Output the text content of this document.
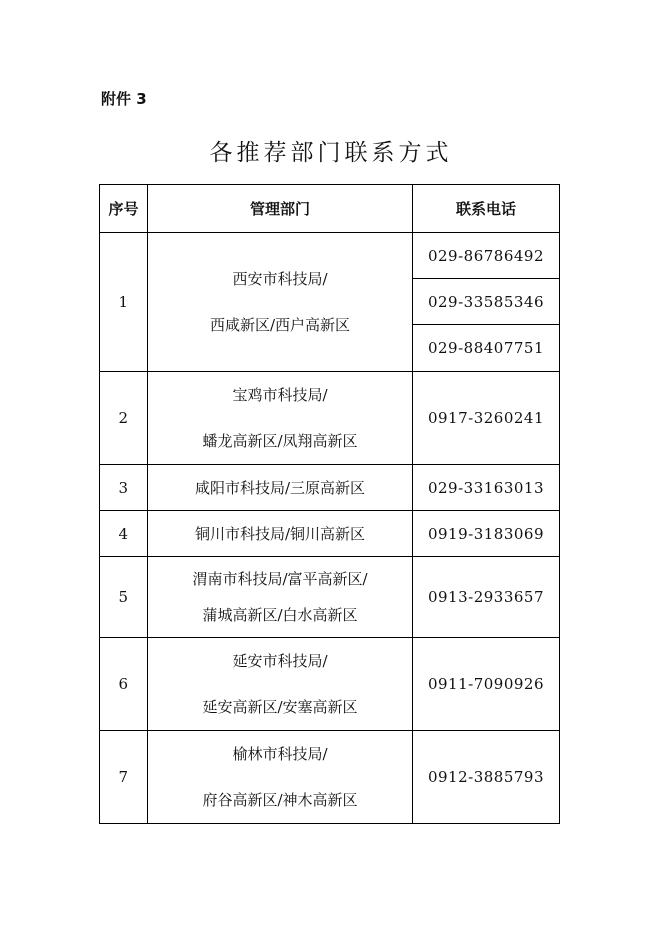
附件 3
各推荐部门联系方式
序号	管理部门	联系电话
1	西安市科技局/
西咸新区/西户高新区	029-86786492
		029-33585346
		029-88407751
2	宝鸡市科技局/
蟠龙高新区/凤翔高新区	0917-3260241
3	咸阳市科技局/三原高新区	029-33163013
4	铜川市科技局/铜川高新区	0919-3183069
5	渭南市科技局/富平高新区/
蒲城高新区/白水高新区	0913-2933657
6	延安市科技局/
延安高新区/安塞高新区	0911-7090926
7	榆林市科技局/
府谷高新区/神木高新区	0912-3885793
